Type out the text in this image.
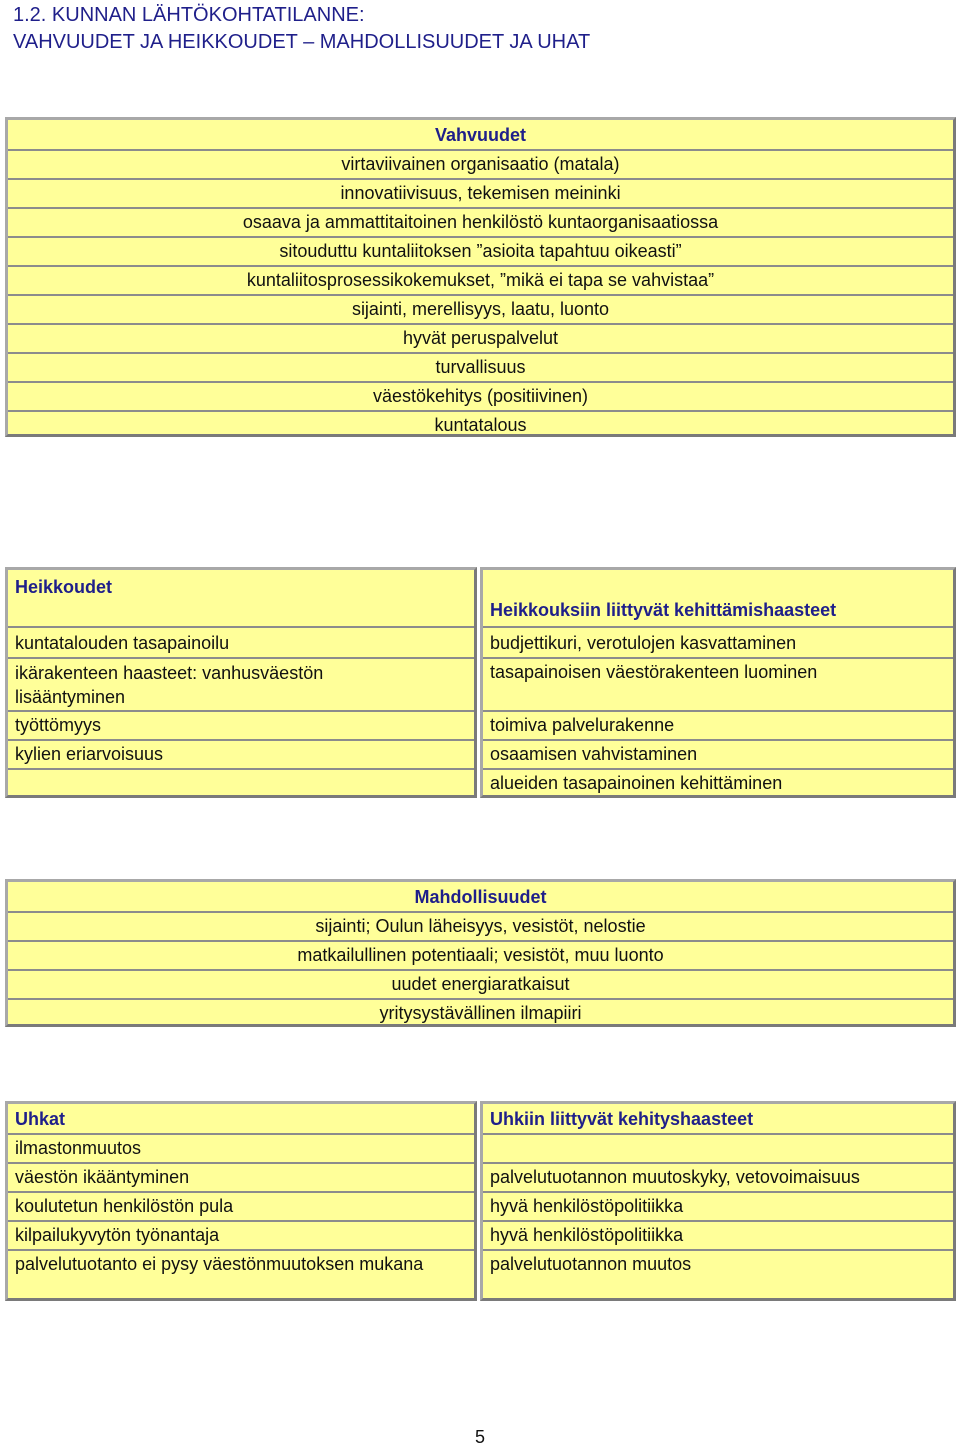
1.2. KUNNAN LÄHTÖKOHTATILANNE:
VAHVUUDET JA HEIKKOUDET – MAHDOLLISUUDET JA UHAT
Vahvuudet
virtaviivainen organisaatio (matala)
innovatiivisuus, tekemisen meininki
osaava ja ammattitaitoinen henkilöstö kuntaorganisaatiossa
sitouduttu kuntaliitoksen ”asioita tapahtuu oikeasti”
kuntaliitosprosessikokemukset, ”mikä ei tapa se vahvistaa”
sijainti, merellisyys, laatu, luonto
hyvät peruspalvelut
turvallisuus
väestökehitys (positiivinen)
kuntatalous
Heikkoudet
kuntatalouden tasapainoilu
ikärakenteen haasteet: vanhusväestön lisääntyminen
työttömyys
kylien eriarvoisuus
Heikkouksiin liittyvät kehittämishaasteet
budjettikuri, verotulojen kasvattaminen
tasapainoisen väestörakenteen luominen
toimiva palvelurakenne
osaamisen vahvistaminen
alueiden tasapainoinen kehittäminen
Mahdollisuudet
sijainti; Oulun läheisyys, vesistöt, nelostie
matkailullinen potentiaali; vesistöt, muu luonto
uudet energiaratkaisut
yritysystävällinen ilmapiiri
Uhkat
ilmastonmuutos
väestön ikääntyminen
koulutetun henkilöstön pula
kilpailukyvytön työnantaja
palvelutuotanto ei pysy väestönmuutoksen mukana
Uhkiin liittyvät kehityshaasteet
palvelutuotannon muutoskyky, vetovoimaisuus
hyvä henkilöstöpolitiikka
hyvä henkilöstöpolitiikka
palvelutuotannon muutos
5
